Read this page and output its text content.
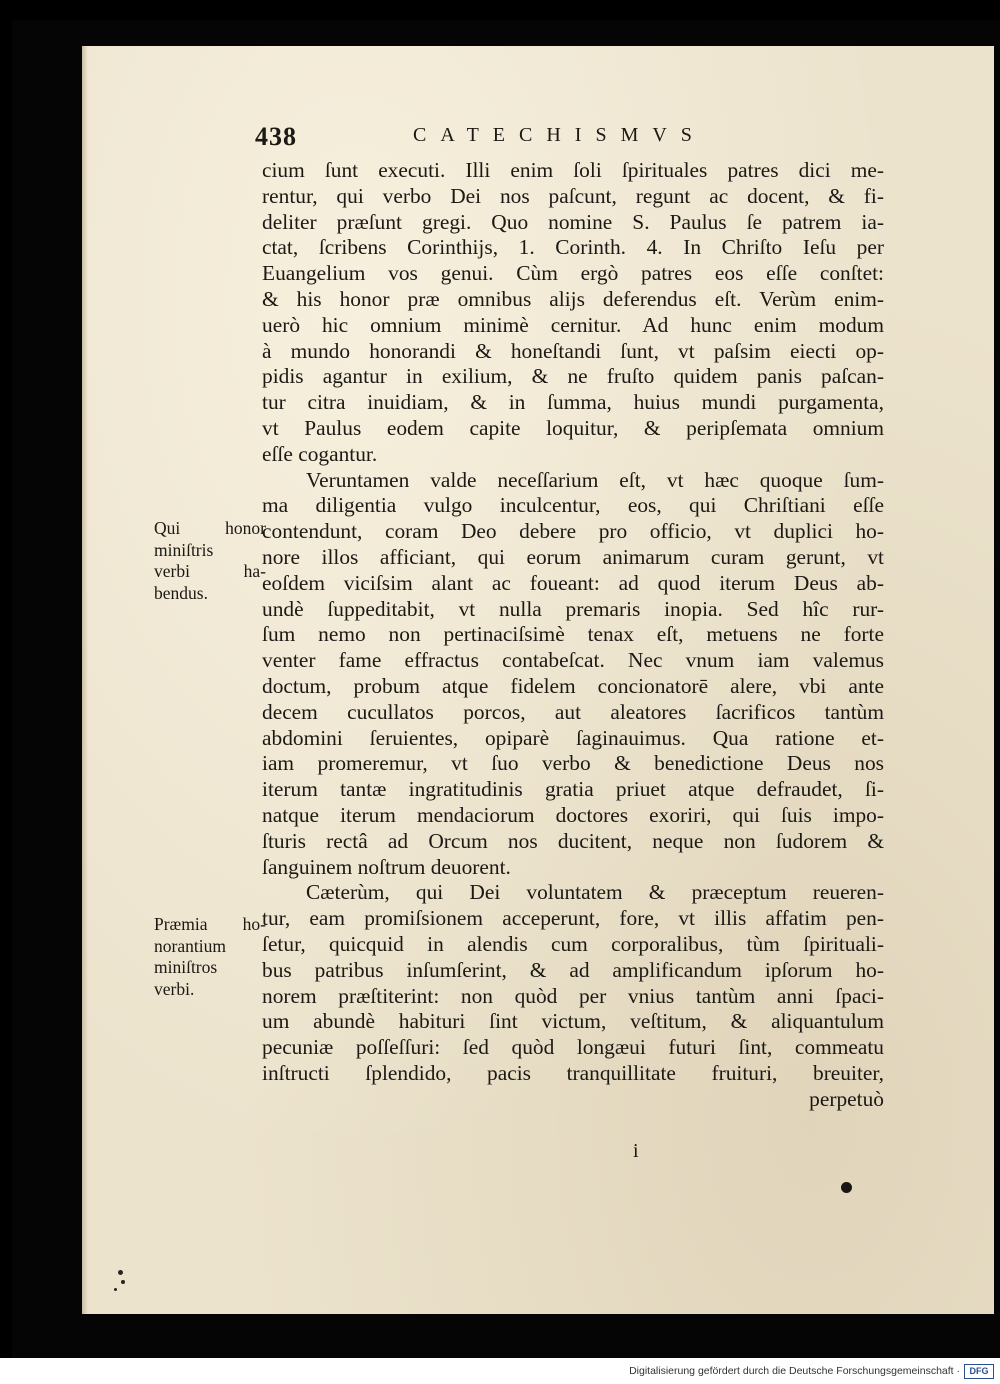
438	CATECHISMVS
cium ſunt executi. Illi enim ſoli ſpirituales patres dici me-
rentur, qui verbo Dei nos paſcunt, regunt ac docent, & fi-
deliter præſunt gregi. Quo nomine S. Paulus ſe patrem ia-
ctat, ſcribens Corinthijs, 1. Corinth. 4. In Chriſto Ieſu per
Euangelium vos genui. Cùm ergò patres eos eſſe conſtet:
& his honor præ omnibus alijs deferendus eſt. Verùm enim-
uerò hic omnium minimè cernitur. Ad hunc enim modum
à mundo honorandi & honeſtandi ſunt, vt paſsim eiecti op-
pidis agantur in exilium, & ne fruſto quidem panis paſcan-
tur citra inuidiam, & in ſumma, huius mundi purgamenta,
vt Paulus eodem capite loquitur, & peripſemata omnium
eſſe cogantur.
Veruntamen valde neceſſarium eſt, vt hæc quoque ſum-
ma diligentia vulgo inculcentur, eos, qui Chriſtiani eſſe
contendunt, coram Deo debere pro officio, vt duplici ho-
nore illos afficiant, qui eorum animarum curam gerunt, vt
eoſdem viciſsim alant ac foueant: ad quod iterum Deus ab-
undè ſuppeditabit, vt nulla premaris inopia. Sed hîc rur-
ſum nemo non pertinaciſsimè tenax eſt, metuens ne forte
venter fame effractus contabeſcat. Nec vnum iam valemus
doctum, probum atque fidelem concionatorē alere, vbi ante
decem cucullatos porcos, aut aleatores ſacrificos tantùm
abdomini ſeruientes, opiparè ſaginauimus. Qua ratione et-
iam promeremur, vt ſuo verbo & benedictione Deus nos
iterum tantæ ingratitudinis gratia priuet atque defraudet, ſi-
natque iterum mendaciorum doctores exoriri, qui ſuis impo-
ſturis rectâ ad Orcum nos ducitent, neque non ſudorem &
ſanguinem noſtrum deuorent.
Cæterùm, qui Dei voluntatem & præceptum reueren-
tur, eam promiſsionem acceperunt, fore, vt illis affatim pen-
ſetur, quicquid in alendis cum corporalibus, tùm ſpirituali-
bus patribus inſumſerint, & ad amplificandum ipſorum ho-
norem præſtiterint: non quòd per vnius tantùm anni ſpaci-
um abundè habituri ſint victum, veſtitum, & aliquantulum
pecuniæ poſſeſſuri: ſed quòd longæui futuri ſint, commeatu
inſtructi ſplendido, pacis tranquillitate fruituri, breuiter,
perpetuò
Qui honor
miniſtris
verbi ha-
bendus.
Præmia ho-
norantium
miniſtros
verbi.
i
Digitalisierung gefördert durch die Deutsche Forschungsgemeinschaft ·	DFG
